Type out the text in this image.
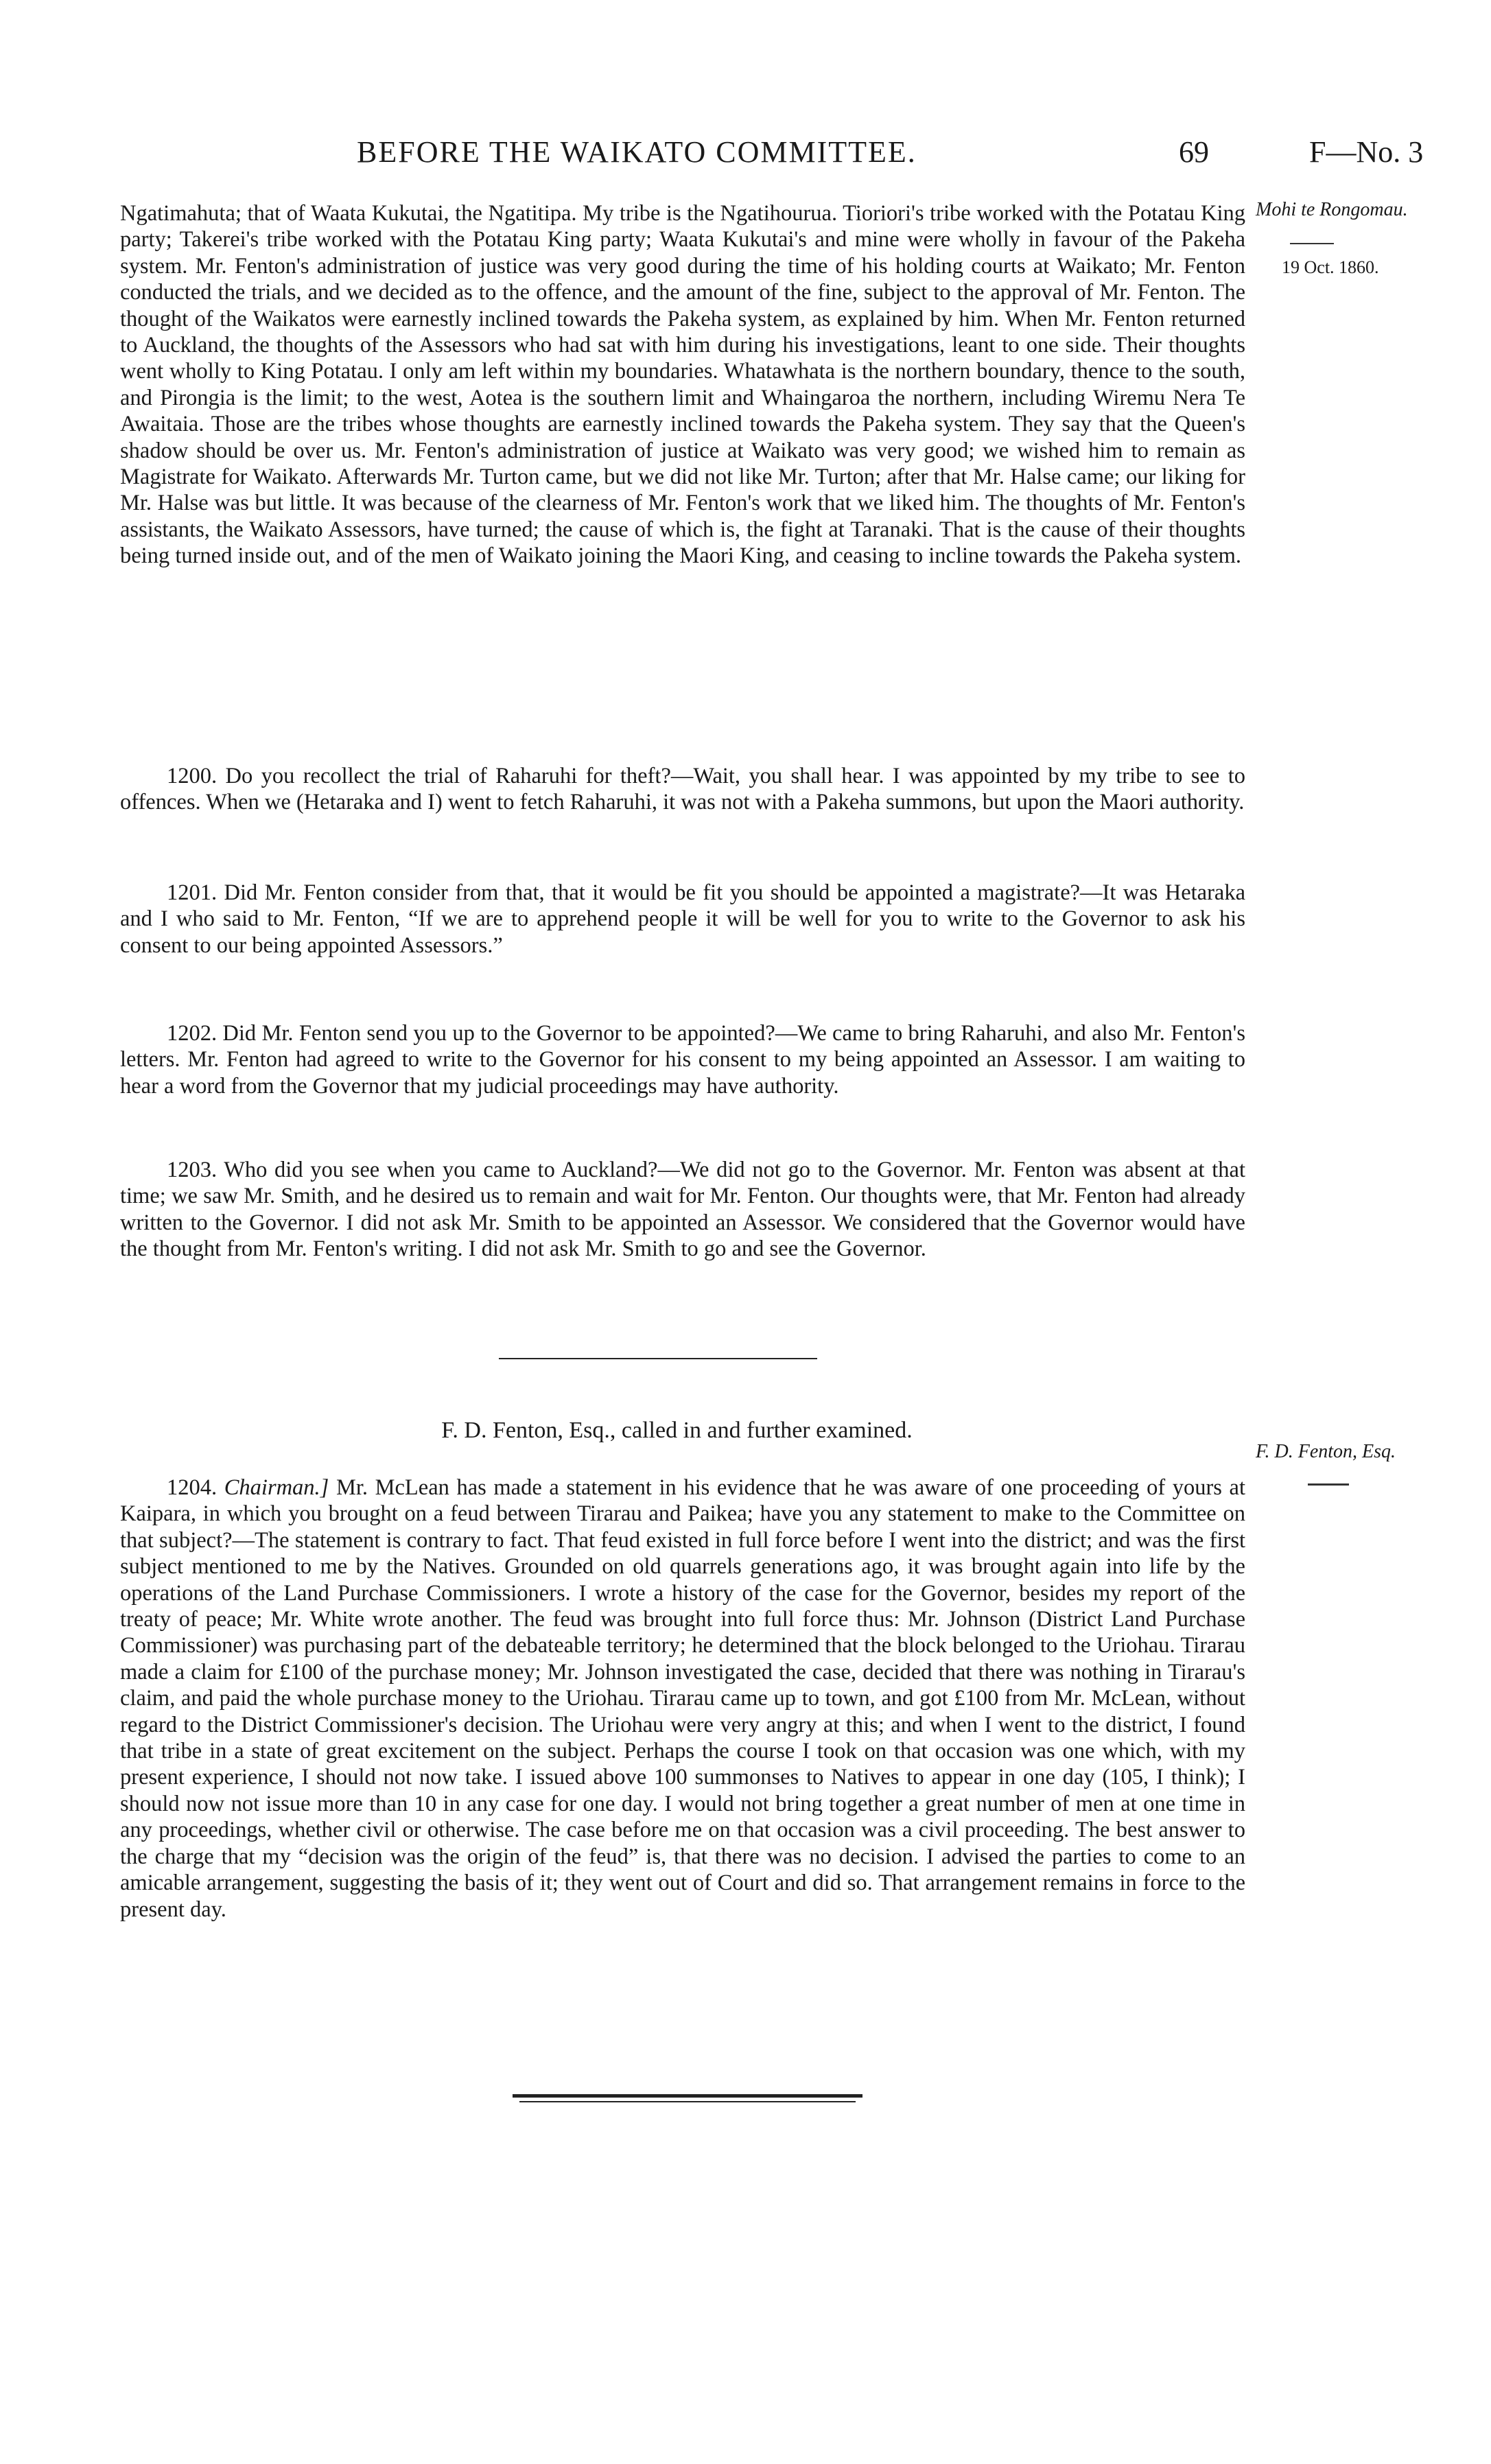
BEFORE THE WAIKATO COMMITTEE.	69	F—No. 3
Mohi te Rongomau.
19 Oct. 1860.
F. D. Fenton, Esq.

Ngatimahuta; that of Waata Kukutai, the Ngatitipa. My tribe is the Ngatihourua. Tioriori's tribe worked with the Potatau King party; Takerei's tribe worked with the Potatau King party; Waata Kukutai's and mine were wholly in favour of the Pakeha system. Mr. Fenton's administration of justice was very good during the time of his holding courts at Waikato; Mr. Fenton conducted the trials, and we decided as to the offence, and the amount of the fine, subject to the approval of Mr. Fenton. The thought of the Waikatos were earnestly inclined towards the Pakeha system, as explained by him. When Mr. Fenton returned to Auckland, the thoughts of the Assessors who had sat with him during his investigations, leant to one side. Their thoughts went wholly to King Potatau. I only am left within my boundaries. Whatawhata is the northern boundary, thence to the south, and Pirongia is the limit; to the west, Aotea is the southern limit and Whaingaroa the northern, including Wiremu Nera Te Awaitaia. Those are the tribes whose thoughts are earnestly inclined towards the Pakeha system. They say that the Queen's shadow should be over us. Mr. Fenton's administration of justice at Waikato was very good; we wished him to remain as Magistrate for Waikato. Afterwards Mr. Turton came, but we did not like Mr. Turton; after that Mr. Halse came; our liking for Mr. Halse was but little. It was because of the clearness of Mr. Fenton's work that we liked him. The thoughts of Mr. Fenton's assistants, the Waikato Assessors, have turned; the cause of which is, the fight at Taranaki. That is the cause of their thoughts being turned inside out, and of the men of Waikato joining the Maori King, and ceasing to incline towards the Pakeha system.

1200. Do you recollect the trial of Raharuhi for theft?—Wait, you shall hear. I was appointed by my tribe to see to offences. When we (Hetaraka and I) went to fetch Raharuhi, it was not with a Pakeha summons, but upon the Maori authority.

1201. Did Mr. Fenton consider from that, that it would be fit you should be appointed a magistrate?—It was Hetaraka and I who said to Mr. Fenton, “If we are to apprehend people it will be well for you to write to the Governor to ask his consent to our being appointed Assessors.”

1202. Did Mr. Fenton send you up to the Governor to be appointed?—We came to bring Raharuhi, and also Mr. Fenton's letters. Mr. Fenton had agreed to write to the Governor for his consent to my being appointed an Assessor. I am waiting to hear a word from the Governor that my judicial proceedings may have authority.

1203. Who did you see when you came to Auckland?—We did not go to the Governor. Mr. Fenton was absent at that time; we saw Mr. Smith, and he desired us to remain and wait for Mr. Fenton. Our thoughts were, that Mr. Fenton had already written to the Governor. I did not ask Mr. Smith to be appointed an Assessor. We considered that the Governor would have the thought from Mr. Fenton's writing. I did not ask Mr. Smith to go and see the Governor.

F. D. Fenton, Esq., called in and further examined.

1204. Chairman.] Mr. McLean has made a statement in his evidence that he was aware of one proceeding of yours at Kaipara, in which you brought on a feud between Tirarau and Paikea; have you any statement to make to the Committee on that subject?—The statement is contrary to fact. That feud existed in full force before I went into the district; and was the first subject mentioned to me by the Natives. Grounded on old quarrels generations ago, it was brought again into life by the operations of the Land Purchase Commissioners. I wrote a history of the case for the Governor, besides my report of the treaty of peace; Mr. White wrote another. The feud was brought into full force thus: Mr. Johnson (District Land Purchase Commissioner) was purchasing part of the debateable territory; he determined that the block belonged to the Uriohau. Tirarau made a claim for £100 of the purchase money; Mr. Johnson investigated the case, decided that there was nothing in Tirarau's claim, and paid the whole purchase money to the Uriohau. Tirarau came up to town, and got £100 from Mr. McLean, without regard to the District Commissioner's decision. The Uriohau were very angry at this; and when I went to the district, I found that tribe in a state of great excitement on the subject. Perhaps the course I took on that occasion was one which, with my present experience, I should not now take. I issued above 100 summonses to Natives to appear in one day (105, I think); I should now not issue more than 10 in any case for one day. I would not bring together a great number of men at one time in any proceedings, whether civil or otherwise. The case before me on that occasion was a civil proceeding. The best answer to the charge that my “decision was the origin of the feud” is, that there was no decision. I advised the parties to come to an amicable arrangement, suggesting the basis of it; they went out of Court and did so. That arrangement remains in force to the present day.
